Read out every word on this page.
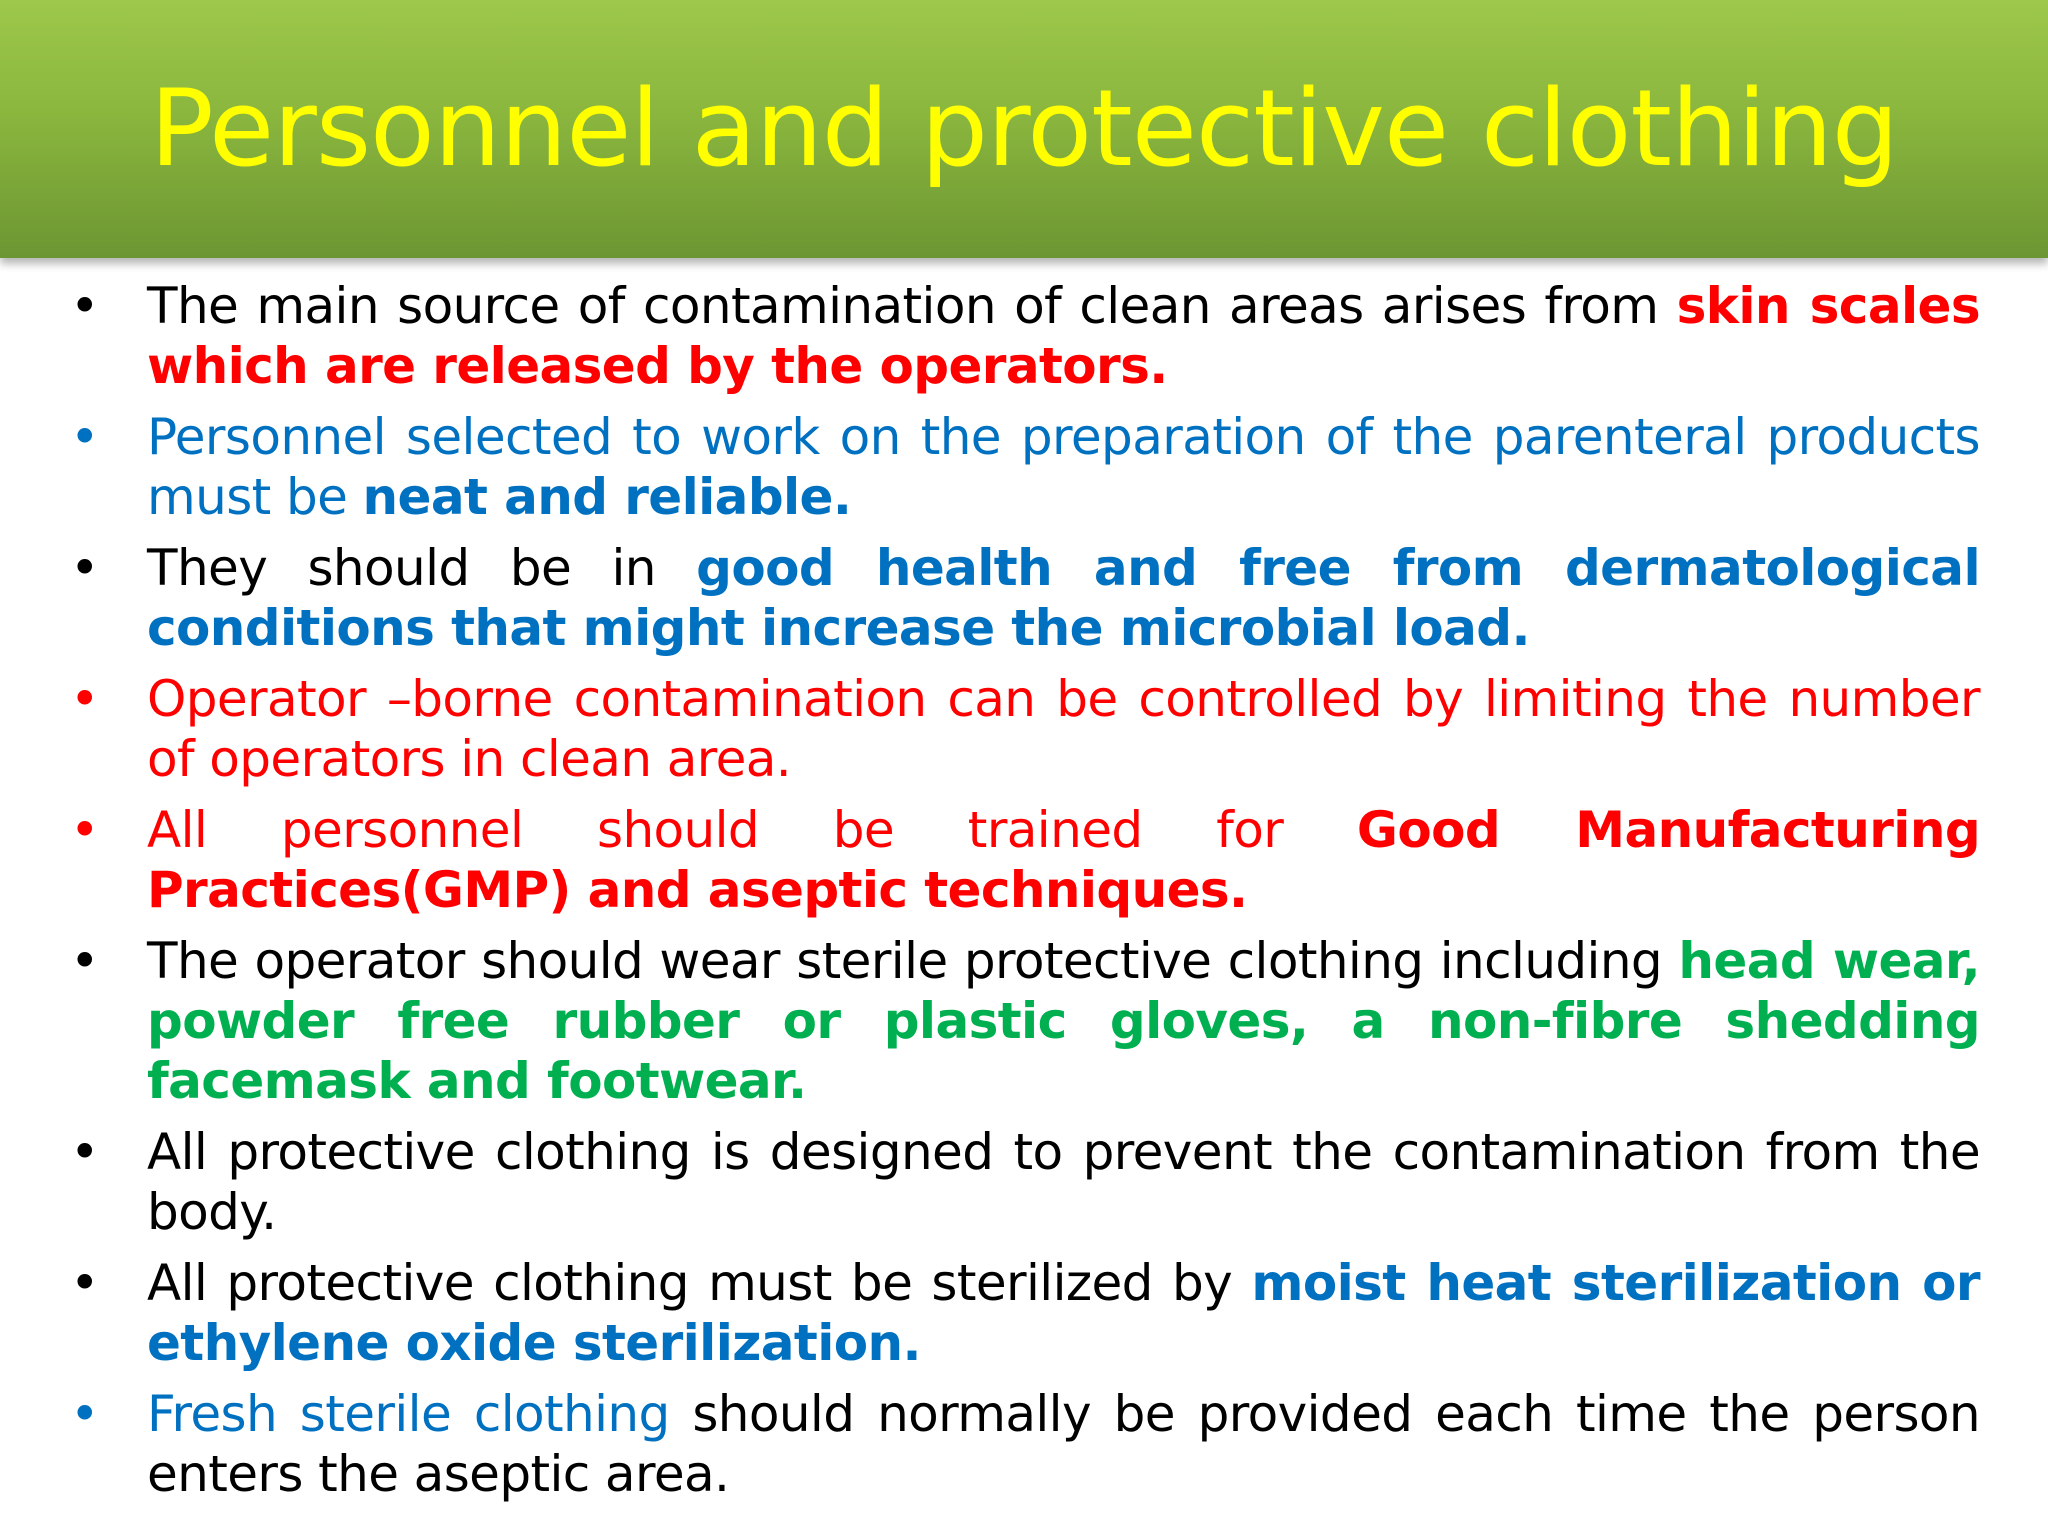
Personnel and protective clothing
• The main source of contamination of clean areas arises from skin scales which are released by the operators.
• Personnel selected to work on the preparation of the parenteral products must be neat and reliable.
• They should be in good health and free from dermatological conditions that might increase the microbial load.
• Operator –borne contamination can be controlled by limiting the number of operators in clean area.
• All personnel should be trained for Good Manufacturing Practices(GMP) and aseptic techniques.
• The operator should wear sterile protective clothing including head wear, powder free rubber or plastic gloves, a non-fibre shedding facemask and footwear.
• All protective clothing is designed to prevent the contamination from the body.
• All protective clothing must be sterilized by moist heat sterilization or ethylene oxide sterilization.
• Fresh sterile clothing should normally be provided each time the person enters the aseptic area.
